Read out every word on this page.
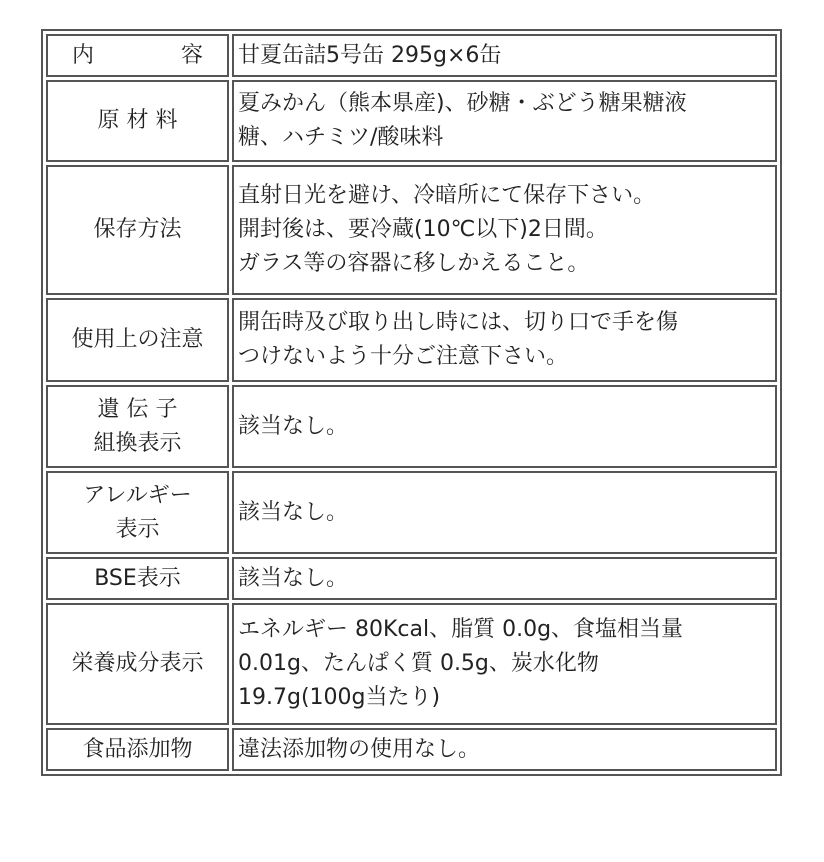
内 容	甘夏缶詰5号缶 295g×6缶

原 材 料	夏みかん（熊本県産)、砂糖・ぶどう糖果糖液
糖、ハチミツ/酸味料

保存方法	直射日光を避け、冷暗所にて保存下さい。
開封後は、要冷蔵(10℃以下)2日間。
ガラス等の容器に移しかえること。

使用上の注意	開缶時及び取り出し時には、切り口で手を傷
つけないよう十分ご注意下さい。

遺 伝 子
組換表示	該当なし。

アレルギー
表示	該当なし。

BSE表示	該当なし。

栄養成分表示	エネルギー 80Kcal、脂質 0.0g、食塩相当量
0.01g、たんぱく質 0.5g、炭水化物
19.7g(100g当たり)

食品添加物	違法添加物の使用なし。
